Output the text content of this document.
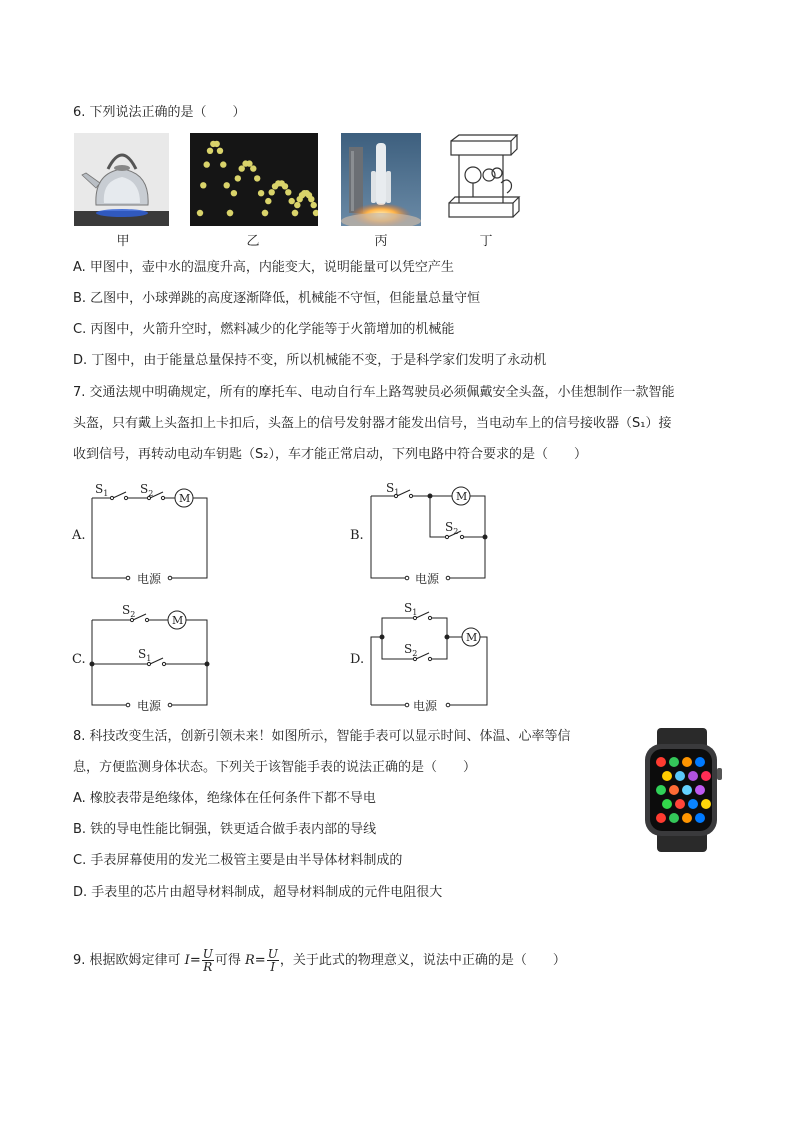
6. 下列说法正确的是（　　）
甲	乙	丙	丁
A. 甲图中，壶中水的温度升高，内能变大，说明能量可以凭空产生
B. 乙图中，小球弹跳的高度逐渐降低，机械能不守恒，但能量总量守恒
C. 丙图中，火箭升空时，燃料减少的化学能等于火箭增加的机械能
D. 丁图中，由于能量总量保持不变，所以机械能不变，于是科学家们发明了永动机
7. 交通法规中明确规定，所有的摩托车、电动自行车上路驾驶员必须佩戴安全头盔，小佳想制作一款智能
头盔，只有戴上头盔扣上卡扣后，头盔上的信号发射器才能发出信号，当电动车上的信号接收器（S₁）接
收到信号，再转动电动车钥匙（S₂），车才能正常启动，下列电路中符合要求的是（　　）
A.
$S_1$	$S_2$ M
电源
B.
$S_1$
$S_2$
M
电源
C.
$S_2$
$S_1$
M
电源
D.
$S_1$
$S_2$
M
电源
8. 科技改变生活，创新引领未来！如图所示，智能手表可以显示时间、体温、心率等信
息，方便监测身体状态。下列关于该智能手表的说法正确的是（　　）
A. 橡胶表带是绝缘体，绝缘体在任何条件下都不导电
B. 铁的导电性能比铜强，铁更适合做手表内部的导线
C. 手表屏幕使用的发光二极管主要是由半导体材料制成的
D. 手表里的芯片由超导材料制成，超导材料制成的元件电阻很大
9. 根据欧姆定律可 $I= \frac{U}{R}$ 可得 $R= \frac{U}{I}$ ，关于此式的物理意义，说法中正确的是（　　）
